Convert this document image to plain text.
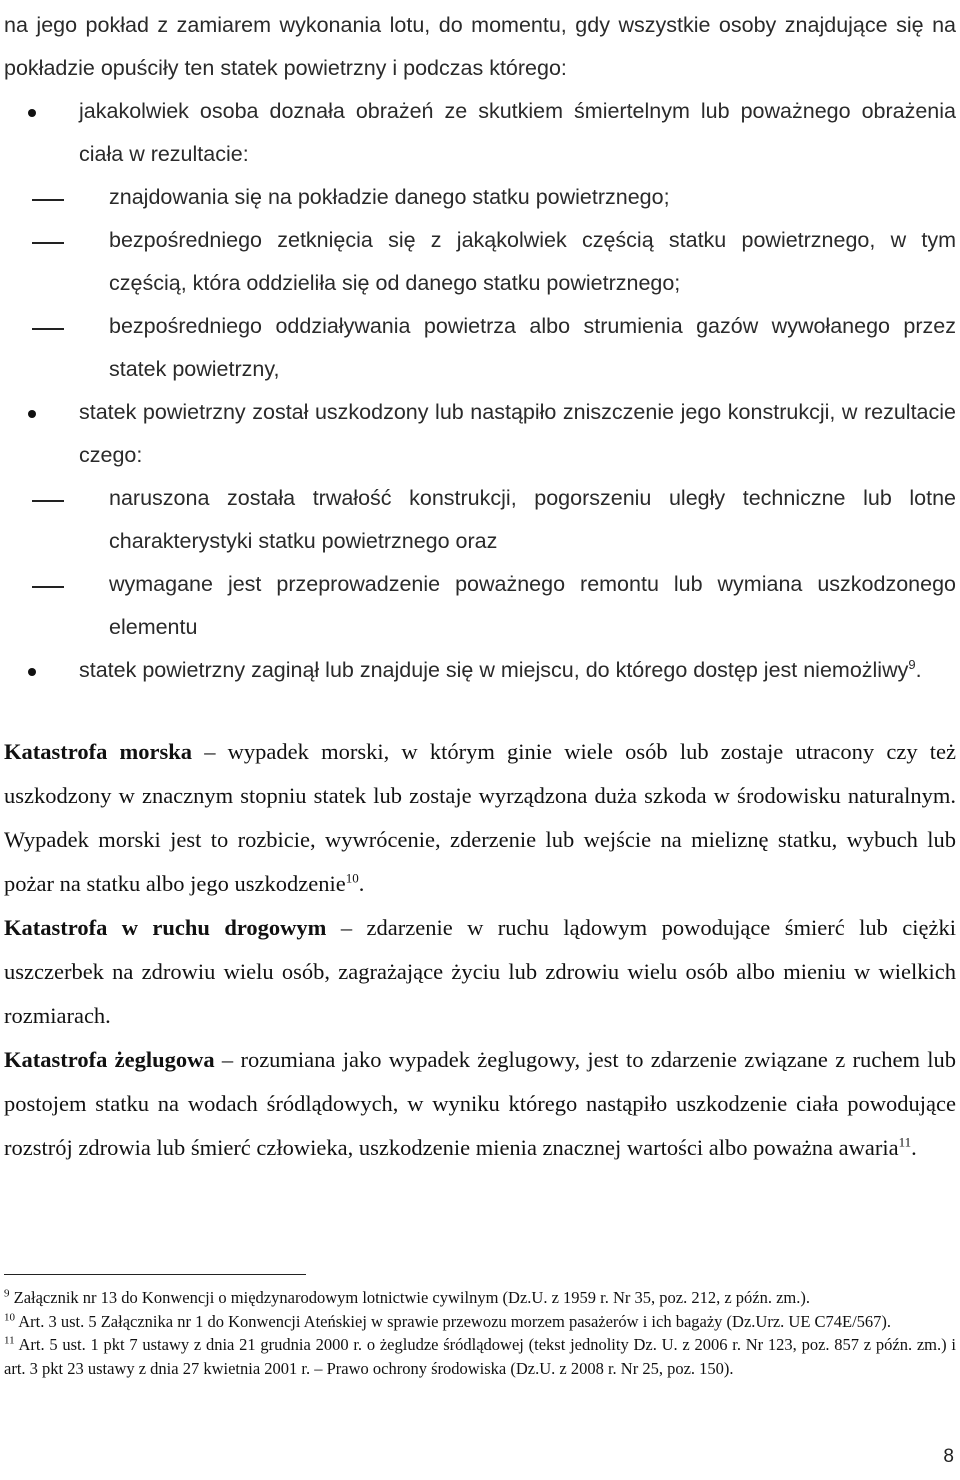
na jego pokład z zamiarem wykonania lotu, do momentu, gdy wszystkie osoby znajdujące się na pokładzie opuściły ten statek powietrzny i podczas którego:

jakakolwiek osoba doznała obrażeń ze skutkiem śmiertelnym lub poważnego obrażenia ciała w rezultacie:

znajdowania się na pokładzie danego statku powietrznego;

bezpośredniego zetknięcia się z jakąkolwiek częścią statku powietrznego, w tym częścią, która oddzieliła się od danego statku powietrznego;

bezpośredniego oddziaływania powietrza albo strumienia gazów wywołanego przez statek powietrzny,

statek powietrzny został uszkodzony lub nastąpiło zniszczenie jego konstrukcji, w rezultacie czego:

naruszona została trwałość konstrukcji, pogorszeniu uległy techniczne lub lotne charakterystyki statku powietrznego oraz

wymagane jest przeprowadzenie poważnego remontu lub wymiana uszkodzonego elementu

statek powietrzny zaginął lub znajduje się w miejscu, do którego dostęp jest niemożliwy$^9$.

Katastrofa morska – wypadek morski, w którym ginie wiele osób lub zostaje utracony czy też uszkodzony w znacznym stopniu statek lub zostaje wyrządzona duża szkoda w środowisku naturalnym. Wypadek morski jest to rozbicie, wywrócenie, zderzenie lub wejście na mieliznę statku, wybuch lub pożar na statku albo jego uszkodzenie$^{10}$.

Katastrofa w ruchu drogowym – zdarzenie w ruchu lądowym powodujące śmierć lub ciężki uszczerbek na zdrowiu wielu osób, zagrażające życiu lub zdrowiu wielu osób albo mieniu w wielkich rozmiarach.

Katastrofa żeglugowa – rozumiana jako wypadek żeglugowy, jest to zdarzenie związane z ruchem lub postojem statku na wodach śródlądowych, w wyniku którego nastąpiło uszkodzenie ciała powodujące rozstrój zdrowia lub śmierć człowieka, uszkodzenie mienia znacznej wartości albo poważna awaria$^{11}$.

$^9$ Załącznik nr 13 do Konwencji o międzynarodowym lotnictwie cywilnym (Dz.U. z 1959 r. Nr 35, poz. 212, z późn. zm.).

$^{10}$ Art. 3 ust. 5 Załącznika nr 1 do Konwencji Ateńskiej w sprawie przewozu morzem pasażerów i ich bagaży (Dz.Urz. UE C74E/567).

$^{11}$ Art. 5 ust. 1 pkt 7 ustawy z dnia 21 grudnia 2000 r. o żegludze śródlądowej (tekst jednolity Dz. U. z 2006 r. Nr 123, poz. 857 z późn. zm.) i art. 3 pkt 23 ustawy z dnia 27 kwietnia 2001 r. – Prawo ochrony środowiska (Dz.U. z 2008 r. Nr 25, poz. 150).

8
